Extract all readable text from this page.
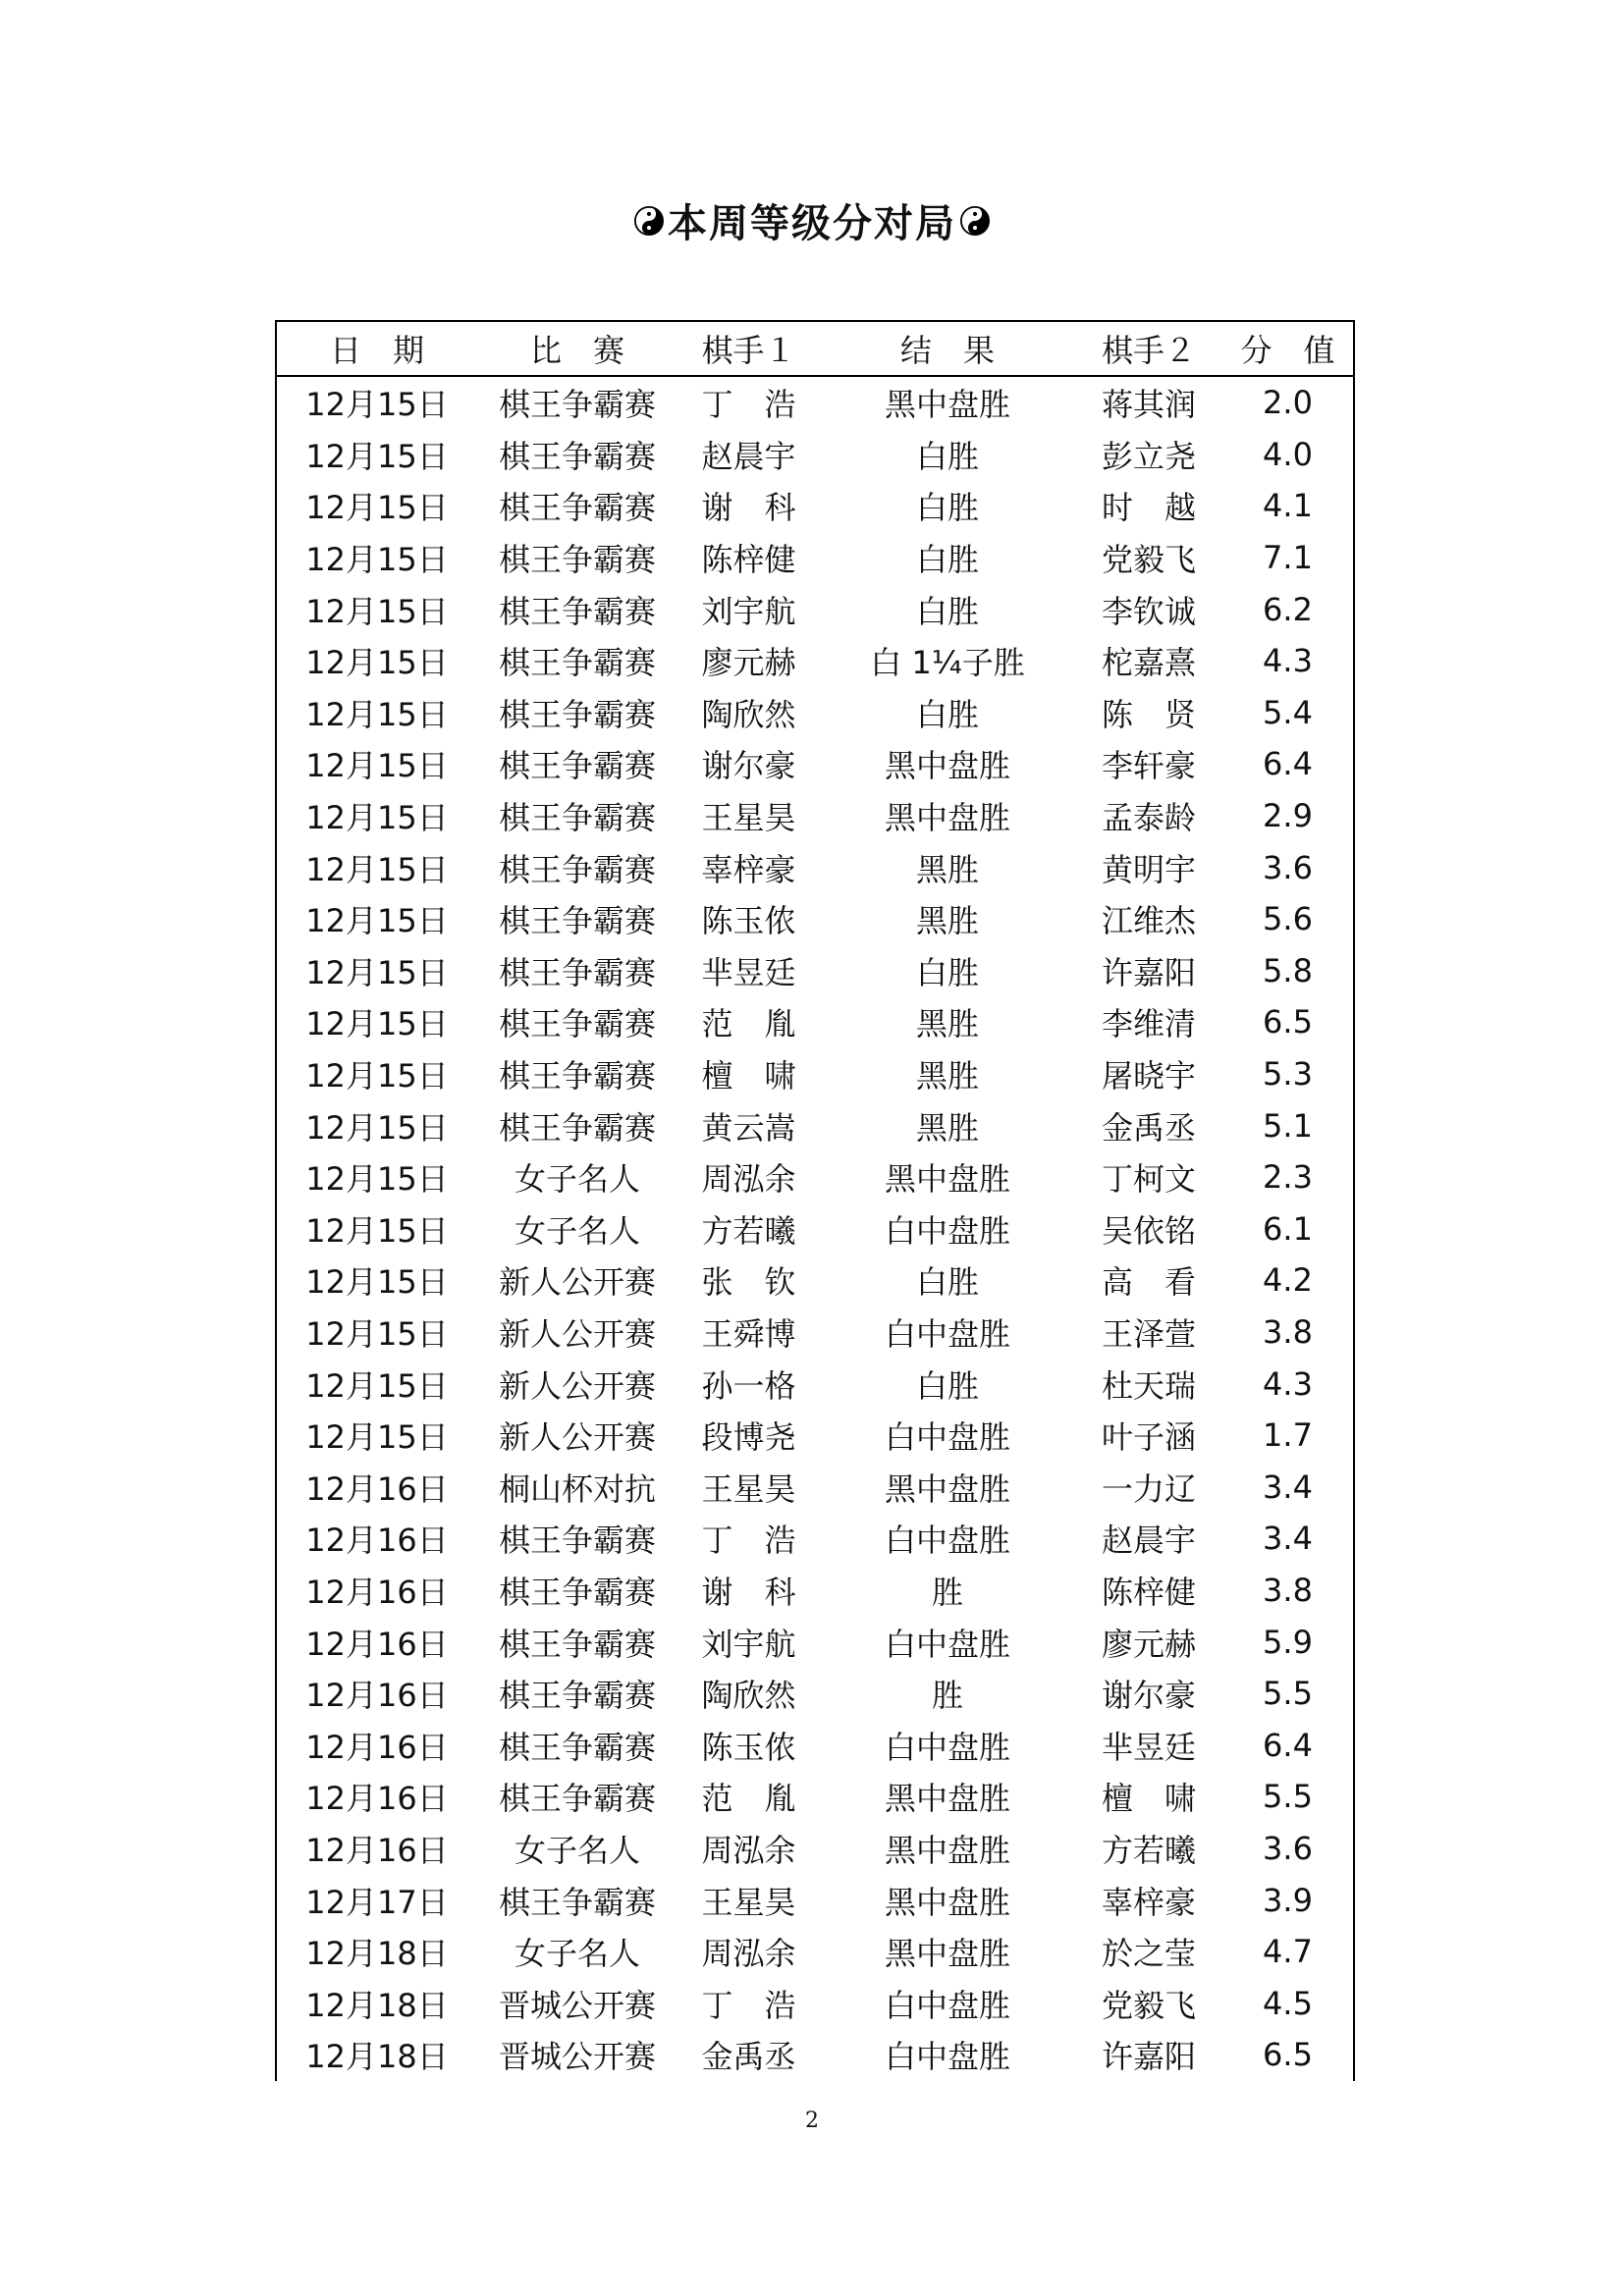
本周等级分对局
日　期	比　赛	棋手１	结　果	棋手２	分　值
12月15日	棋王争霸赛	丁　浩	黑中盘胜	蒋其润	2.0
12月15日	棋王争霸赛	赵晨宇	白胜	彭立尧	4.0
12月15日	棋王争霸赛	谢　科	白胜	时　越	4.1
12月15日	棋王争霸赛	陈梓健	白胜	党毅飞	7.1
12月15日	棋王争霸赛	刘宇航	白胜	李钦诚	6.2
12月15日	棋王争霸赛	廖元赫	白 1¼子胜	柁嘉熹	4.3
12月15日	棋王争霸赛	陶欣然	白胜	陈　贤	5.4
12月15日	棋王争霸赛	谢尔豪	黑中盘胜	李轩豪	6.4
12月15日	棋王争霸赛	王星昊	黑中盘胜	孟泰龄	2.9
12月15日	棋王争霸赛	辜梓豪	黑胜	黄明宇	3.6
12月15日	棋王争霸赛	陈玉侬	黑胜	江维杰	5.6
12月15日	棋王争霸赛	芈昱廷	白胜	许嘉阳	5.8
12月15日	棋王争霸赛	范　胤	黑胜	李维清	6.5
12月15日	棋王争霸赛	檀　啸	黑胜	屠晓宇	5.3
12月15日	棋王争霸赛	黄云嵩	黑胜	金禹丞	5.1
12月15日	女子名人	周泓余	黑中盘胜	丁柯文	2.3
12月15日	女子名人	方若曦	白中盘胜	吴依铭	6.1
12月15日	新人公开赛	张　钦	白胜	高　看	4.2
12月15日	新人公开赛	王舜博	白中盘胜	王泽萱	3.8
12月15日	新人公开赛	孙一格	白胜	杜天瑞	4.3
12月15日	新人公开赛	段博尧	白中盘胜	叶子涵	1.7
12月16日	桐山杯对抗	王星昊	黑中盘胜	一力辽	3.4
12月16日	棋王争霸赛	丁　浩	白中盘胜	赵晨宇	3.4
12月16日	棋王争霸赛	谢　科	胜	陈梓健	3.8
12月16日	棋王争霸赛	刘宇航	白中盘胜	廖元赫	5.9
12月16日	棋王争霸赛	陶欣然	胜	谢尔豪	5.5
12月16日	棋王争霸赛	陈玉侬	白中盘胜	芈昱廷	6.4
12月16日	棋王争霸赛	范　胤	黑中盘胜	檀　啸	5.5
12月16日	女子名人	周泓余	黑中盘胜	方若曦	3.6
12月17日	棋王争霸赛	王星昊	黑中盘胜	辜梓豪	3.9
12月18日	女子名人	周泓余	黑中盘胜	於之莹	4.7
12月18日	晋城公开赛	丁　浩	白中盘胜	党毅飞	4.5
12月18日	晋城公开赛	金禹丞	白中盘胜	许嘉阳	6.5
2
